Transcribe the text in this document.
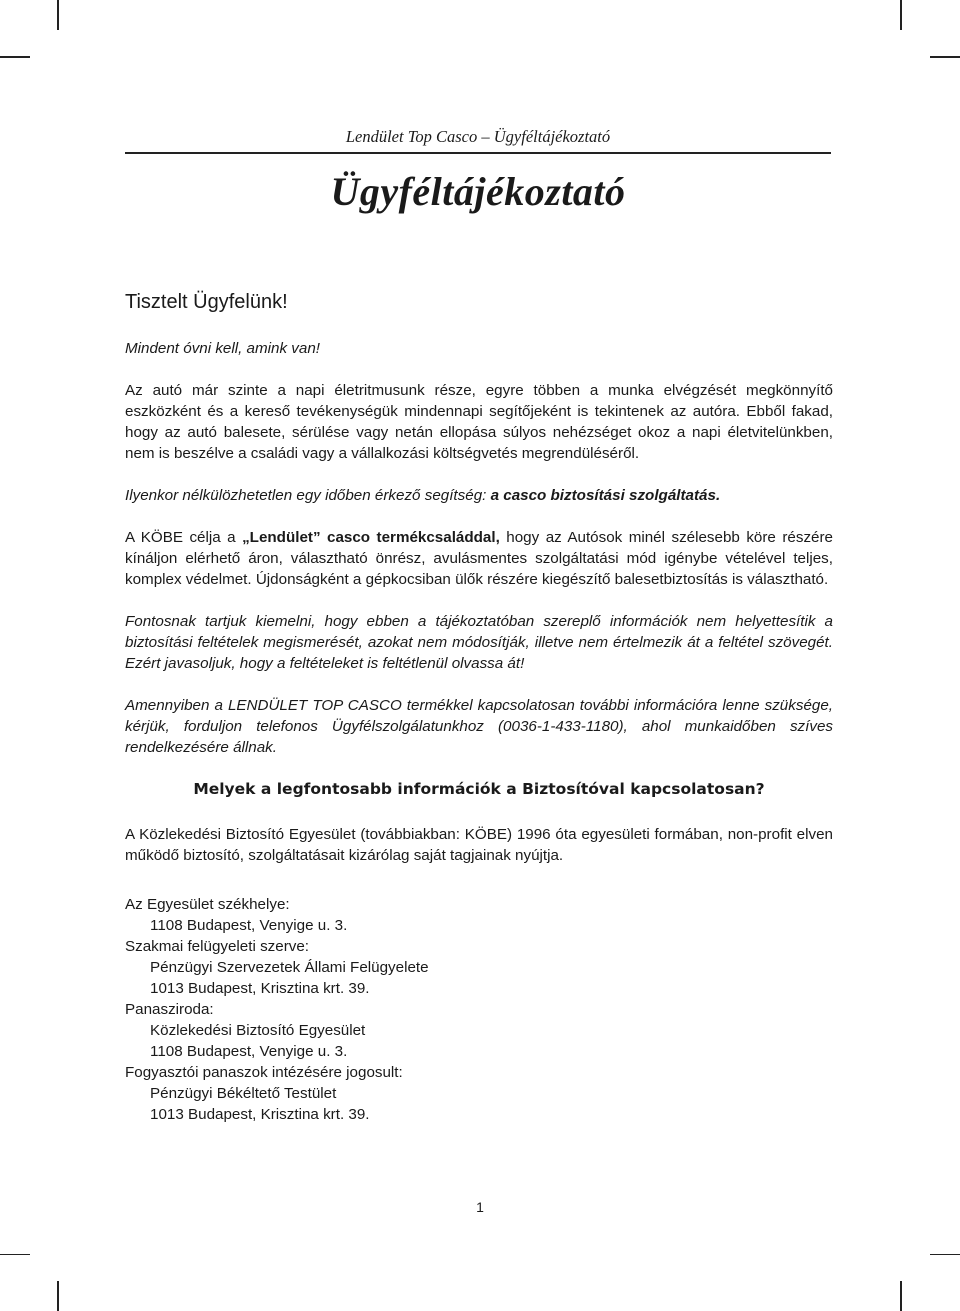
Lendület Top Casco – Ügyféltájékoztató
Ügyféltájékoztató
Tisztelt Ügyfelünk!

Mindent óvni kell, amink van!

Az autó már szinte a napi életritmusunk része, egyre többen a munka elvégzését megkönnyítő eszközként és a kereső tevékenységük mindennapi segítőjeként is tekintenek az autóra. Ebből fakad, hogy az autó balesete, sérülése vagy netán ellopása súlyos nehézséget okoz a napi életvitelünkben, nem is beszélve a családi vagy a vállalkozási költségvetés megrendüléséről.

Ilyenkor nélkülözhetetlen egy időben érkező segítség: a casco biztosítási szolgáltatás.

A KÖBE célja a „Lendület” casco termékcsaláddal, hogy az Autósok minél szélesebb köre részére kínáljon elérhető áron, választható önrész, avulásmentes szolgáltatási mód igénybe vételével teljes, komplex védelmet. Újdonságként a gépkocsiban ülők részére kiegészítő balesetbiztosítás is választható.

Fontosnak tartjuk kiemelni, hogy ebben a tájékoztatóban szereplő információk nem helyettesítik a biztosítási feltételek megismerését, azokat nem módosítják, illetve nem értelmezik át a feltétel szövegét. Ezért javasoljuk, hogy a feltételeket is feltétlenül olvassa át!

Amennyiben a LENDÜLET TOP CASCO termékkel kapcsolatosan további információra lenne szüksége, kérjük, forduljon telefonos Ügyfélszolgálatunkhoz (0036-1-433-1180), ahol munkaidőben szíves rendelkezésére állnak.

Melyek a legfontosabb információk a Biztosítóval kapcsolatosan?

A Közlekedési Biztosító Egyesület (továbbiakban: KÖBE) 1996 óta egyesületi formában, non-profit elven működő biztosító, szolgáltatásait kizárólag saját tagjainak nyújtja.

Az Egyesület székhelye:
1108 Budapest, Venyige u. 3.
Szakmai felügyeleti szerve:
Pénzügyi Szervezetek Állami Felügyelete
1013 Budapest, Krisztina krt. 39.
Panasziroda:
Közlekedési Biztosító Egyesület
1108 Budapest, Venyige u. 3.
Fogyasztói panaszok intézésére jogosult:
Pénzügyi Békéltető Testület
1013 Budapest, Krisztina krt. 39.
1
